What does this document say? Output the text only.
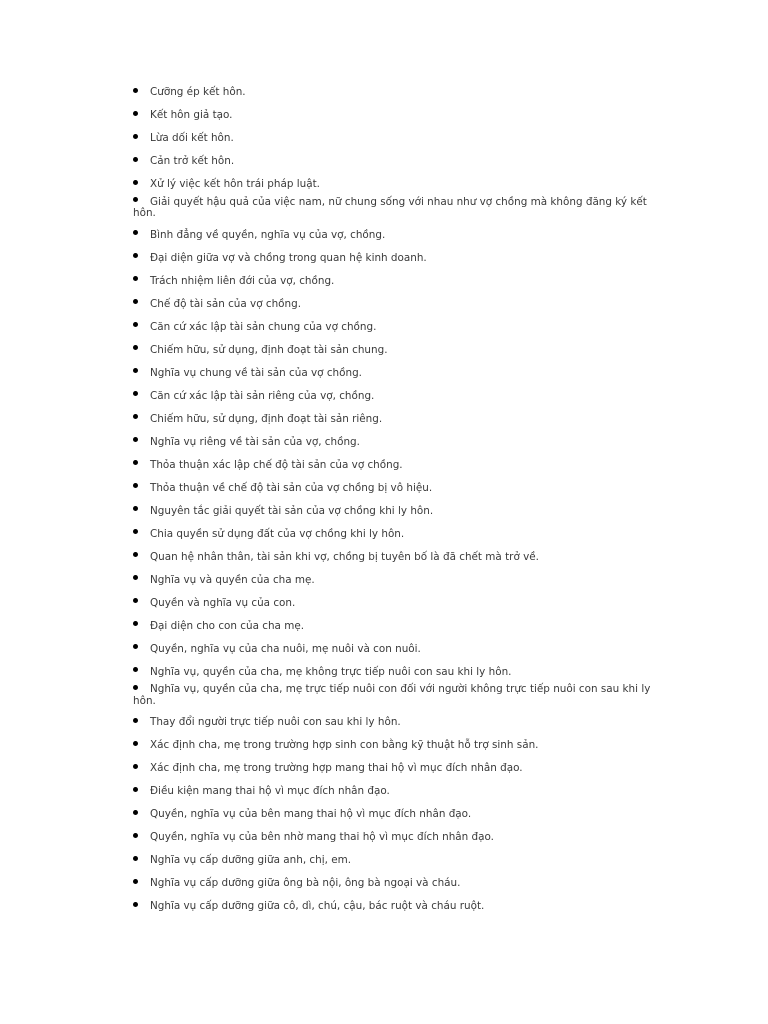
Cưỡng ép kết hôn.
Kết hôn giả tạo.
Lừa dối kết hôn.
Cản trở kết hôn.
Xử lý việc kết hôn trái pháp luật.
Giải quyết hậu quả của việc nam, nữ chung sống với nhau như vợ chồng mà không đăng ký kết hôn.
Bình đẳng về quyền, nghĩa vụ của vợ, chồng.
Đại diện giữa vợ và chồng trong quan hệ kinh doanh.
Trách nhiệm liên đới của vợ, chồng.
Chế độ tài sản của vợ chồng.
Căn cứ xác lập tài sản chung của vợ chồng.
Chiếm hữu, sử dụng, định đoạt tài sản chung.
Nghĩa vụ chung về tài sản của vợ chồng.
Căn cứ xác lập tài sản riêng của vợ, chồng.
Chiếm hữu, sử dụng, định đoạt tài sản riêng.
Nghĩa vụ riêng về tài sản của vợ, chồng.
Thỏa thuận xác lập chế độ tài sản của vợ chồng.
Thỏa thuận về chế độ tài sản của vợ chồng bị vô hiệu.
Nguyên tắc giải quyết tài sản của vợ chồng khi ly hôn.
Chia quyền sử dụng đất của vợ chồng khi ly hôn.
Quan hệ nhân thân, tài sản khi vợ, chồng bị tuyên bố là đã chết mà trở về.
Nghĩa vụ và quyền của cha mẹ.
Quyền và nghĩa vụ của con.
Đại diện cho con của cha mẹ.
Quyền, nghĩa vụ của cha nuôi, mẹ nuôi và con nuôi.
Nghĩa vụ, quyền của cha, mẹ không trực tiếp nuôi con sau khi ly hôn.
Nghĩa vụ, quyền của cha, mẹ trực tiếp nuôi con đối với người không trực tiếp nuôi con sau khi ly hôn.
Thay đổi người trực tiếp nuôi con sau khi ly hôn.
Xác định cha, mẹ trong trường hợp sinh con bằng kỹ thuật hỗ trợ sinh sản.
Xác định cha, mẹ trong trường hợp mang thai hộ vì mục đích nhân đạo.
Điều kiện mang thai hộ vì mục đích nhân đạo.
Quyền, nghĩa vụ của bên mang thai hộ vì mục đích nhân đạo.
Quyền, nghĩa vụ của bên nhờ mang thai hộ vì mục đích nhân đạo.
Nghĩa vụ cấp dưỡng giữa anh, chị, em.
Nghĩa vụ cấp dưỡng giữa ông bà nội, ông bà ngoại và cháu.
Nghĩa vụ cấp dưỡng giữa cô, dì, chú, cậu, bác ruột và cháu ruột.
